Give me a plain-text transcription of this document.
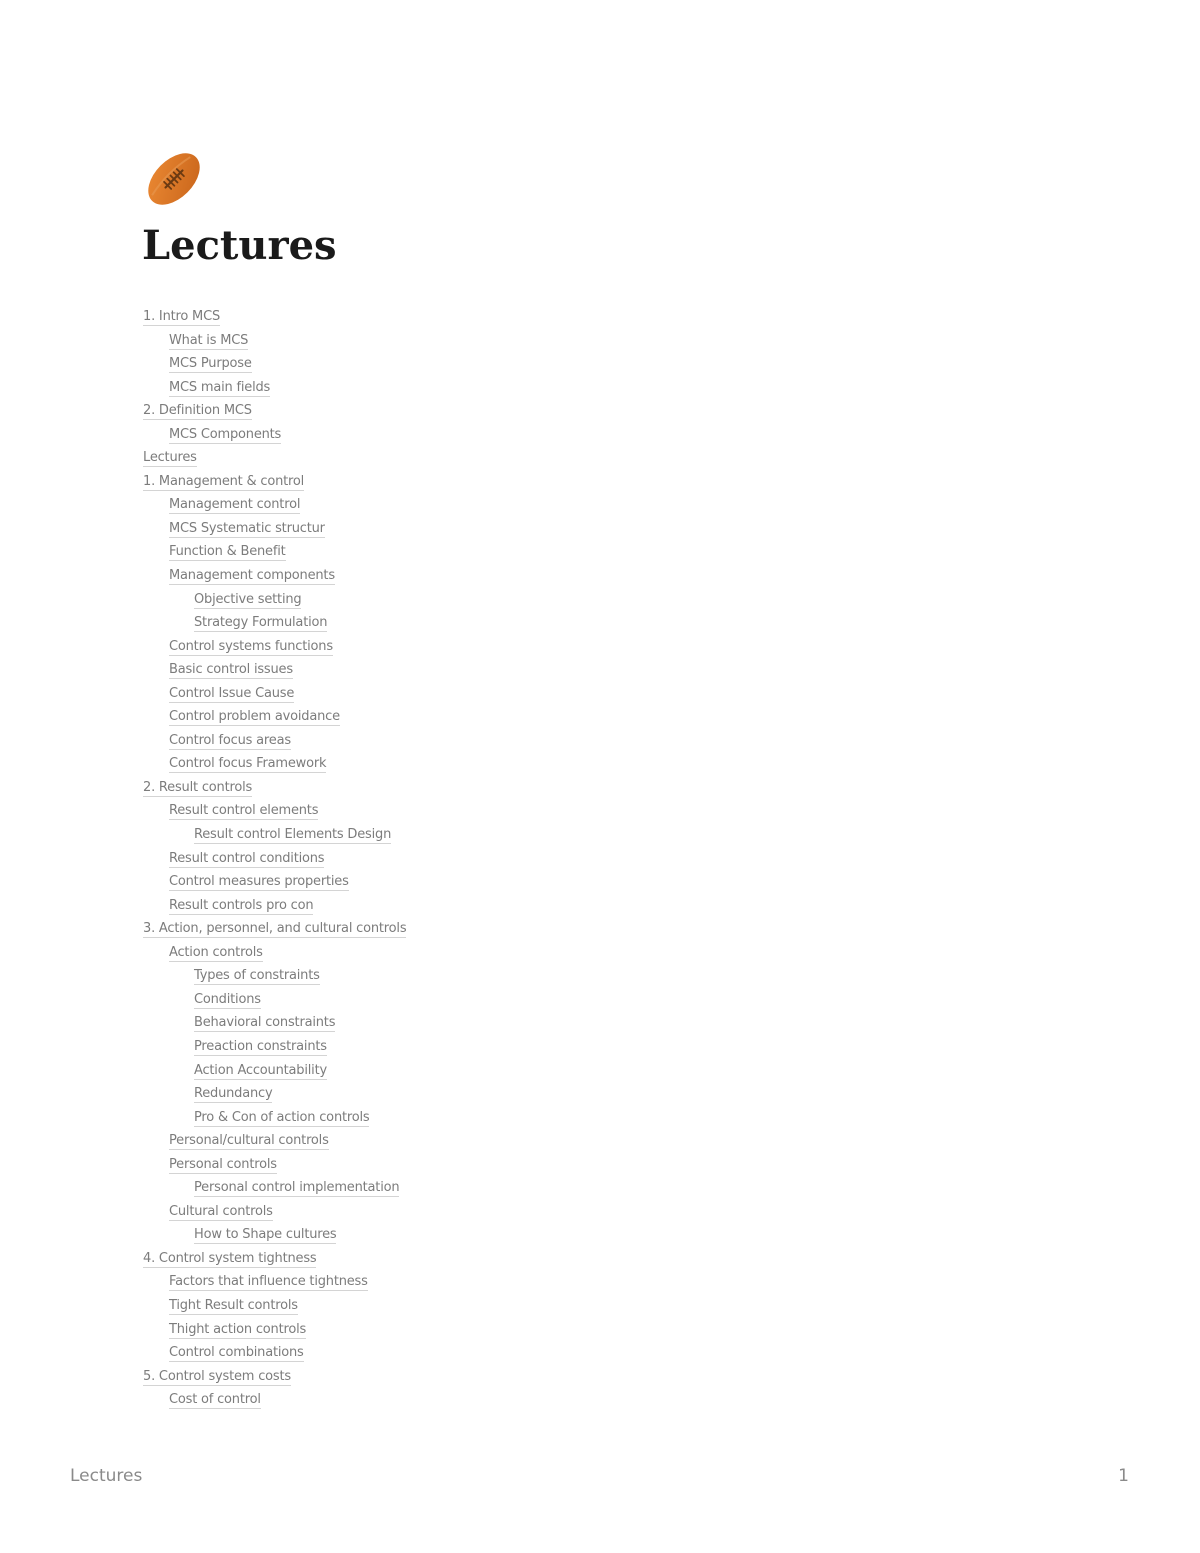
Lectures
1. Intro MCS
What is MCS
MCS Purpose
MCS main fields
2. Definition MCS
MCS Components
Lectures
1. Management & control
Management control
MCS Systematic structur
Function & Benefit
Management components
Objective setting
Strategy Formulation
Control systems functions
Basic control issues
Control Issue Cause
Control problem avoidance
Control focus areas
Control focus Framework
2. Result controls
Result control elements
Result control Elements Design
Result control conditions
Control measures properties
Result controls pro con
3. Action, personnel, and cultural controls
Action controls
Types of constraints
Conditions
Behavioral constraints
Preaction constraints
Action Accountability
Redundancy
Pro & Con of action controls
Personal/cultural controls
Personal controls
Personal control implementation
Cultural controls
How to Shape cultures
4. Control system tightness
Factors that influence tightness
Tight Result controls
Thight action controls
Control combinations
5. Control system costs
Cost of control
Lectures	1
